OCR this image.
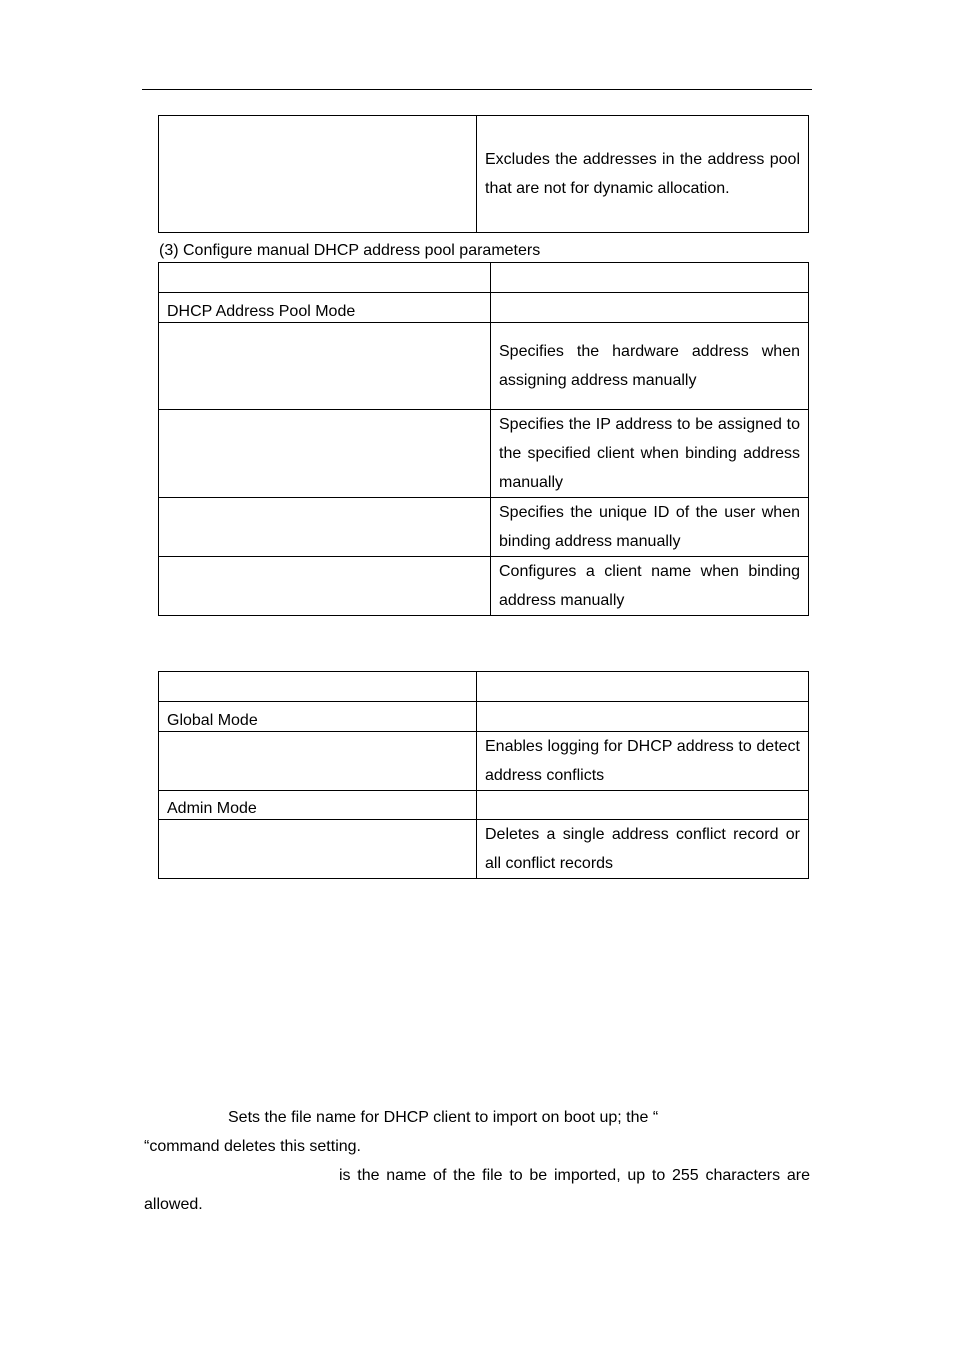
	Excludes the addresses in the address pool that are not for dynamic allocation.
(3) Configure manual DHCP address pool parameters

DHCP Address Pool Mode	
	Specifies the hardware address when assigning address manually
	Specifies the IP address to be assigned to the specified client when binding address manually
	Specifies the unique ID of the user when binding address manually
	Configures a client name when binding address manually

Global Mode	
	Enables logging for DHCP address to detect address conflicts
Admin Mode	
	Deletes a single address conflict record or all conflict records
Sets the file name for DHCP client to import on boot up; the “
“command deletes this setting.
is the name of the file to be imported, up to 255 characters are allowed.
